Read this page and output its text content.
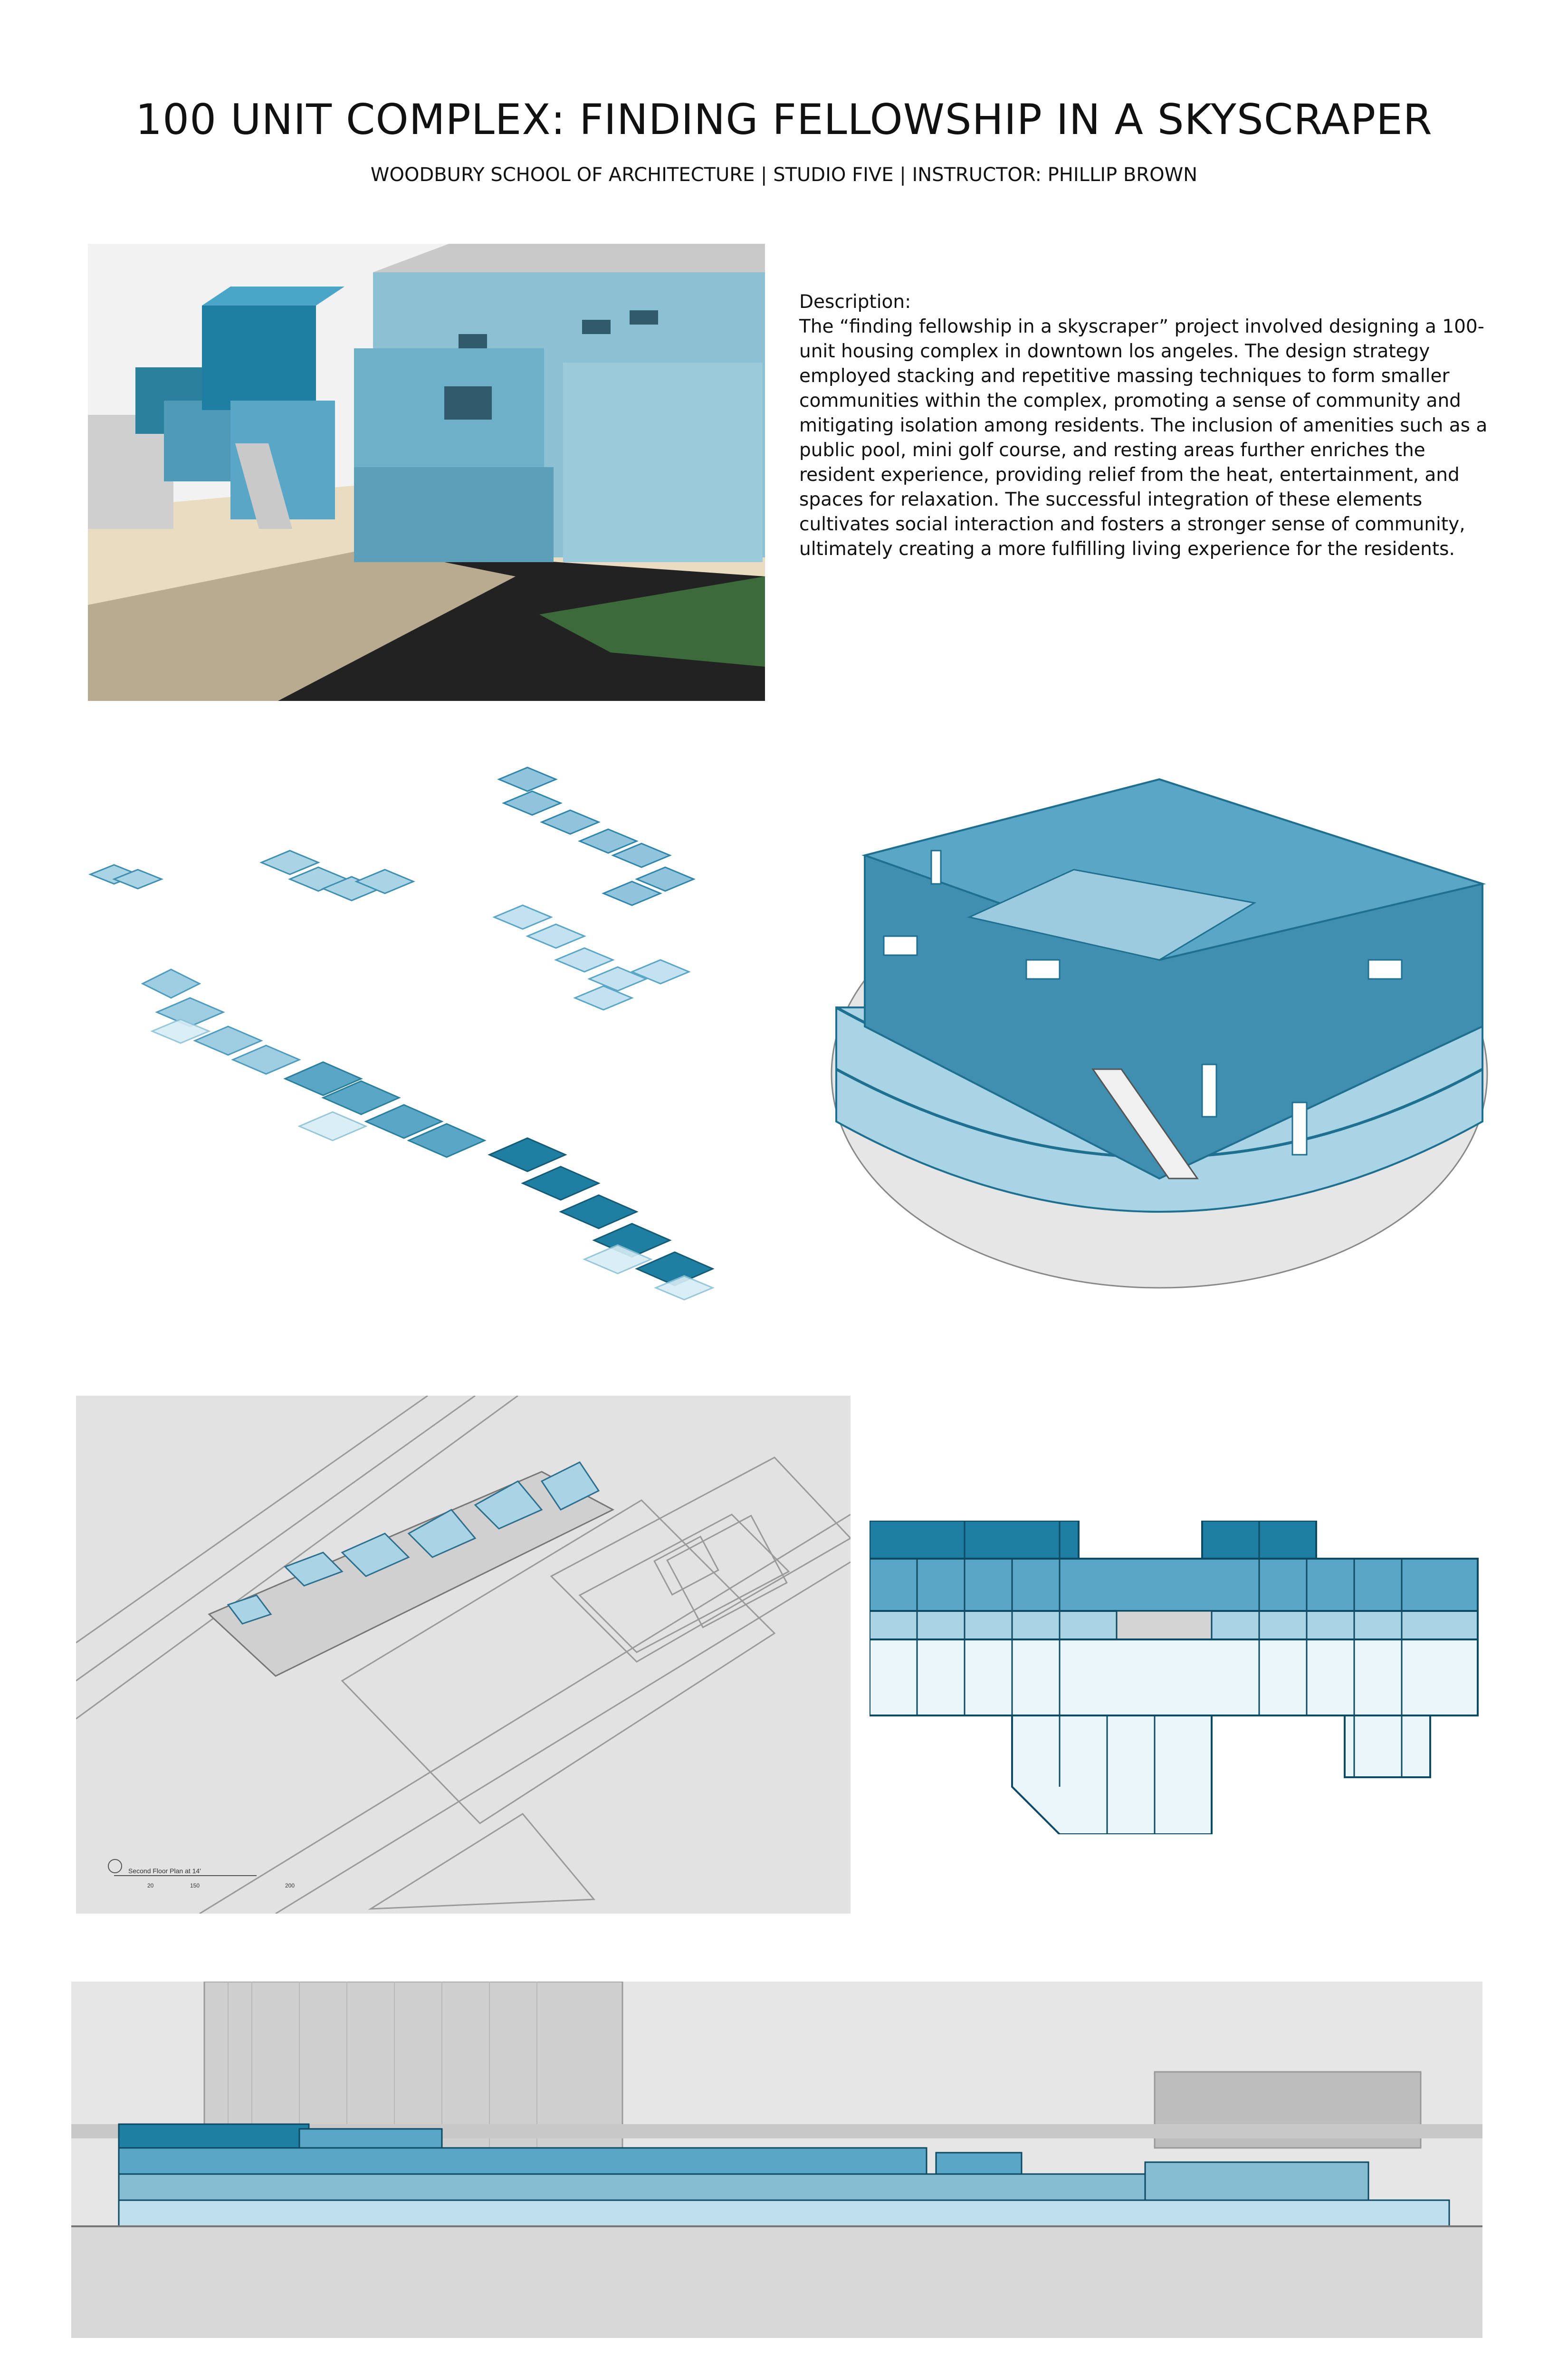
100 UNIT COMPLEX: FINDING FELLOWSHIP IN A SKYSCRAPER
WOODBURY SCHOOL OF ARCHITECTURE | STUDIO FIVE | INSTRUCTOR: PHILLIP BROWN
Description:
The “finding fellowship in a skyscraper” project involved designing a 100-unit housing complex in downtown los angeles. The design strategy employed stacking and repetitive massing techniques to form smaller communities within the complex, promoting a sense of community and mitigating isolation among residents. The inclusion of amenities such as a public pool, mini golf course, and resting areas further enriches the resident experience, providing relief from the heat, entertainment, and spaces for relaxation. The successful integration of these elements cultivates social interaction and fosters a stronger sense of community, ultimately creating a more fulfilling living experience for the residents.
Second Floor Plan at 14'
20	150	200
